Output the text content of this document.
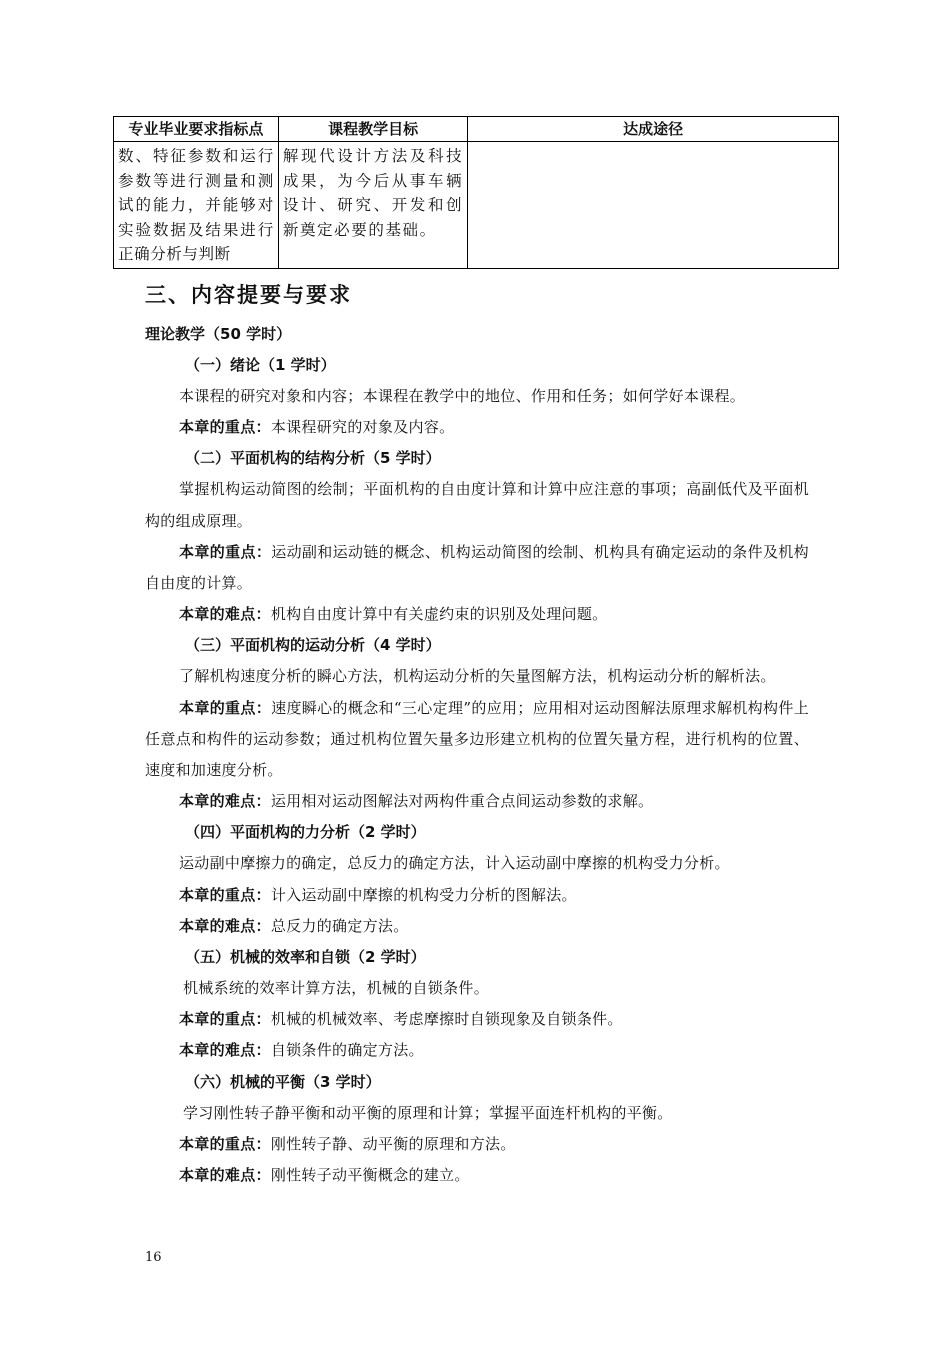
专业毕业要求指标点	课程教学目标	达成途径

数、特征参数和运行参数等进行测量和测试的能力，并能够对实验数据及结果进行正确分析与判断	解现代设计方法及科技成果，为今后从事车辆设计、研究、开发和创新奠定必要的基础。	

三、内容提要与要求
理论教学（50 学时）
（一）绪论（1 学时）

本课程的研究对象和内容；本课程在教学中的地位、作用和任务；如何学好本课程。

本章的重点：本课程研究的对象及内容。

（二）平面机构的结构分析（5 学时）

掌握机构运动简图的绘制；平面机构的自由度计算和计算中应注意的事项；高副低代及平面机构的组成原理。

本章的重点：运动副和运动链的概念、机构运动简图的绘制、机构具有确定运动的条件及机构自由度的计算。

本章的难点：机构自由度计算中有关虚约束的识别及处理问题。

（三）平面机构的运动分析（4 学时）

了解机构速度分析的瞬心方法，机构运动分析的矢量图解方法，机构运动分析的解析法。

本章的重点：速度瞬心的概念和“三心定理”的应用；应用相对运动图解法原理求解机构构件上任意点和构件的运动参数；通过机构位置矢量多边形建立机构的位置矢量方程，进行机构的位置、速度和加速度分析。

本章的难点：运用相对运动图解法对两构件重合点间运动参数的求解。

（四）平面机构的力分析（2 学时）

运动副中摩擦力的确定，总反力的确定方法，计入运动副中摩擦的机构受力分析。

本章的重点：计入运动副中摩擦的机构受力分析的图解法。

本章的难点：总反力的确定方法。

（五）机械的效率和自锁（2 学时）

机械系统的效率计算方法，机械的自锁条件。

本章的重点：机械的机械效率、考虑摩擦时自锁现象及自锁条件。

本章的难点：自锁条件的确定方法。

（六）机械的平衡（3 学时）

学习刚性转子静平衡和动平衡的原理和计算；掌握平面连杆机构的平衡。

本章的重点：刚性转子静、动平衡的原理和方法。

本章的难点：刚性转子动平衡概念的建立。

16
